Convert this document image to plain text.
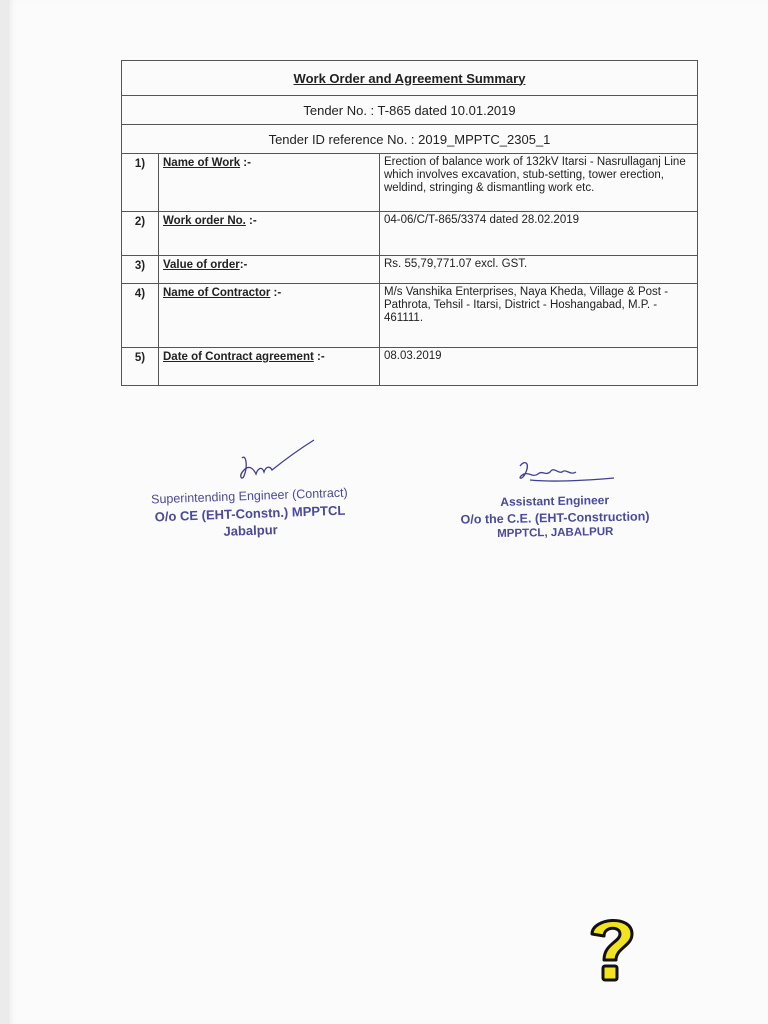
Work Order and Agreement Summary		
Tender No. : T-865 dated 10.01.2019		
Tender ID reference No. : 2019_MPPTC_2305_1		
1)	Name of Work :-	Erection of balance work of 132kV Itarsi - Nasrullaganj Line which involves excavation, stub-setting, tower erection, weldind, stringing & dismantling work etc.
2)	Work order No. :-	04-06/C/T-865/3374 dated 28.02.2019
3)	Value of order:-	Rs. 55,79,771.07 excl. GST.
4)	Name of Contractor :-	M/s Vanshika Enterprises, Naya Kheda, Village & Post - Pathrota, Tehsil - Itarsi, District - Hoshangabad, M.P. - 461111.
5)	Date of Contract agreement :-	08.03.2019
Superintending Engineer (Contract)
O/o CE (EHT-Constn.) MPPTCL
Jabalpur
Assistant Engineer
O/o the C.E. (EHT-Construction)
MPPTCL, JABALPUR
